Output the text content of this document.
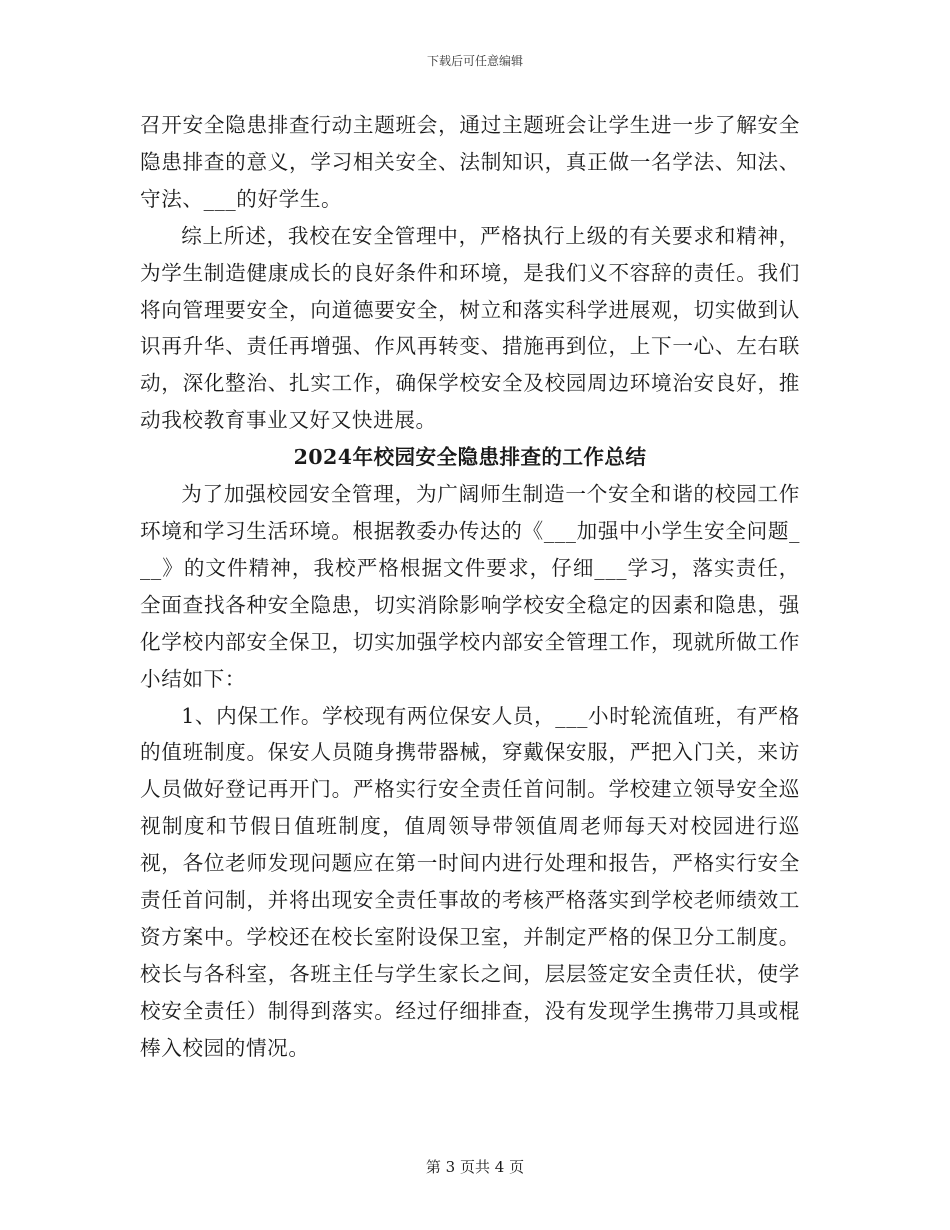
下载后可任意编辑

召开安全隐患排查行动主题班会，通过主题班会让学生进一步了解安全隐患排查的意义，学习相关安全、法制知识，真正做一名学法、知法、守法、___的好学生。

综上所述，我校在安全管理中，严格执行上级的有关要求和精神，为学生制造健康成长的良好条件和环境，是我们义不容辞的责任。我们将向管理要安全，向道德要安全，树立和落实科学进展观，切实做到认识再升华、责任再增强、作风再转变、措施再到位，上下一心、左右联动，深化整治、扎实工作，确保学校安全及校园周边环境治安良好，推动我校教育事业又好又快进展。

2024年校园安全隐患排查的工作总结

为了加强校园安全管理，为广阔师生制造一个安全和谐的校园工作环境和学习生活环境。根据教委办传达的《___加强中小学生安全问题___》的文件精神，我校严格根据文件要求，仔细___学习，落实责任，全面查找各种安全隐患，切实消除影响学校安全稳定的因素和隐患，强化学校内部安全保卫，切实加强学校内部安全管理工作，现就所做工作小结如下：

1、内保工作。学校现有两位保安人员，___小时轮流值班，有严格的值班制度。保安人员随身携带器械，穿戴保安服，严把入门关，来访人员做好登记再开门。严格实行安全责任首问制。学校建立领导安全巡视制度和节假日值班制度，值周领导带领值周老师每天对校园进行巡视，各位老师发现问题应在第一时间内进行处理和报告，严格实行安全责任首问制，并将出现安全责任事故的考核严格落实到学校老师绩效工资方案中。学校还在校长室附设保卫室，并制定严格的保卫分工制度。校长与各科室，各班主任与学生家长之间，层层签定安全责任状，使学校安全责任）制得到落实。经过仔细排查，没有发现学生携带刀具或棍棒入校园的情况。

第 3 页共 4 页
